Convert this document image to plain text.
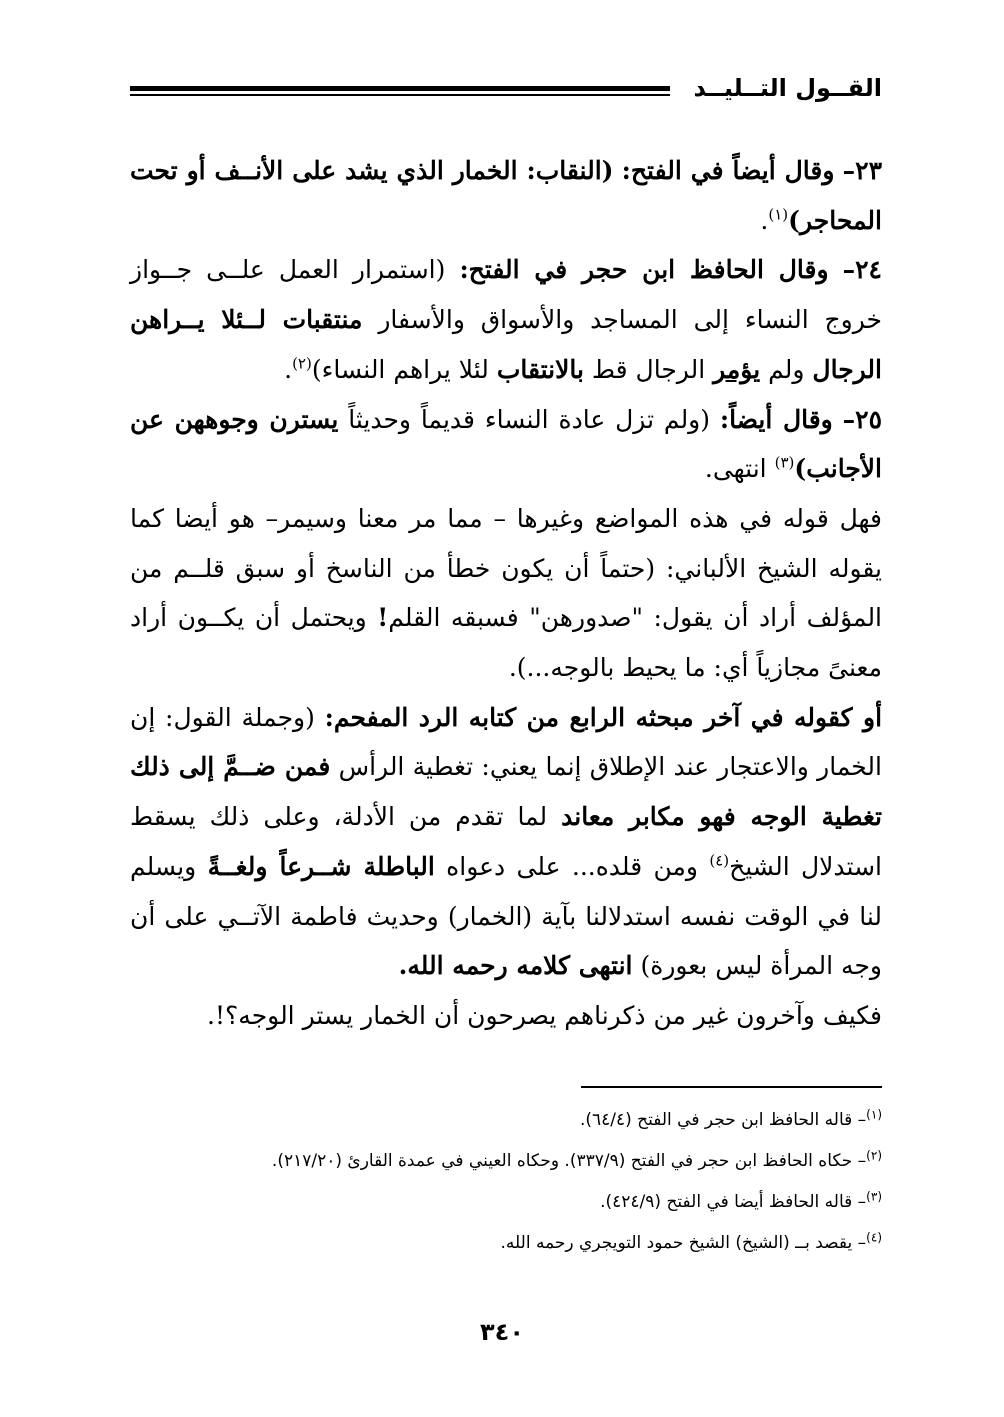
القــول التــليــد

٢٣– وقال أيضاً في الفتح: (النقاب: الخمار الذي يشد على الأنــف أو تحت المحاجر)$^{(١)}$.

٢٤– وقال الحافظ ابن حجر في الفتح: (استمرار العمل علــى جــواز خروج النساء إلى المساجد والأسواق والأسفار منتقبات لــئلا يــراهن الرجال ولم يؤمر الرجال قط بالانتقاب لئلا يراهم النساء)$^{(٢)}$.

٢٥– وقال أيضاً: (ولم تزل عادة النساء قديماً وحديثاً يسترن وجوههن عن الأجانب)$^{(٣)}$ انتهى.

فهل قوله في هذه المواضع وغيرها – مما مر معنا وسيمر– هو أيضا كما يقوله الشيخ الألباني: (حتماً أن يكون خطأ من الناسخ أو سبق قلــم من المؤلف أراد أن يقول: "صدورهن" فسبقه القلم! ويحتمل أن يكــون أراد معنىً مجازياً أي: ما يحيط بالوجه...).

أو كقوله في آخر مبحثه الرابع من كتابه الرد المفحم: (وجملة القول: إن الخمار والاعتجار عند الإطلاق إنما يعني: تغطية الرأس فمن ضــمَّ إلى ذلك تغطية الوجه فهو مكابر معاند لما تقدم من الأدلة، وعلى ذلك يسقط استدلال الشيخ$^{(٤)}$ ومن قلده... على دعواه الباطلة شــرعاً ولغــةً ويسلم لنا في الوقت نفسه استدلالنا بآية (الخمار) وحديث فاطمة الآتــي على أن وجه المرأة ليس بعورة) انتهى كلامه رحمه الله.

فكيف وآخرون غير من ذكرناهم يصرحون أن الخمار يستر الوجه؟!.

$^{(١)}$– قاله الحافظ ابن حجر في الفتح (٦٤/٤).

$^{(٢)}$– حكاه الحافظ ابن حجر في الفتح (٣٣٧/٩). وحكاه العيني في عمدة القارئ (٢١٧/٢٠).

$^{(٣)}$– قاله الحافظ أيضا في الفتح (٤٢٤/٩).

$^{(٤)}$– يقصد بــ (الشيخ) الشيخ حمود التويجري رحمه الله.

٣٤٠
